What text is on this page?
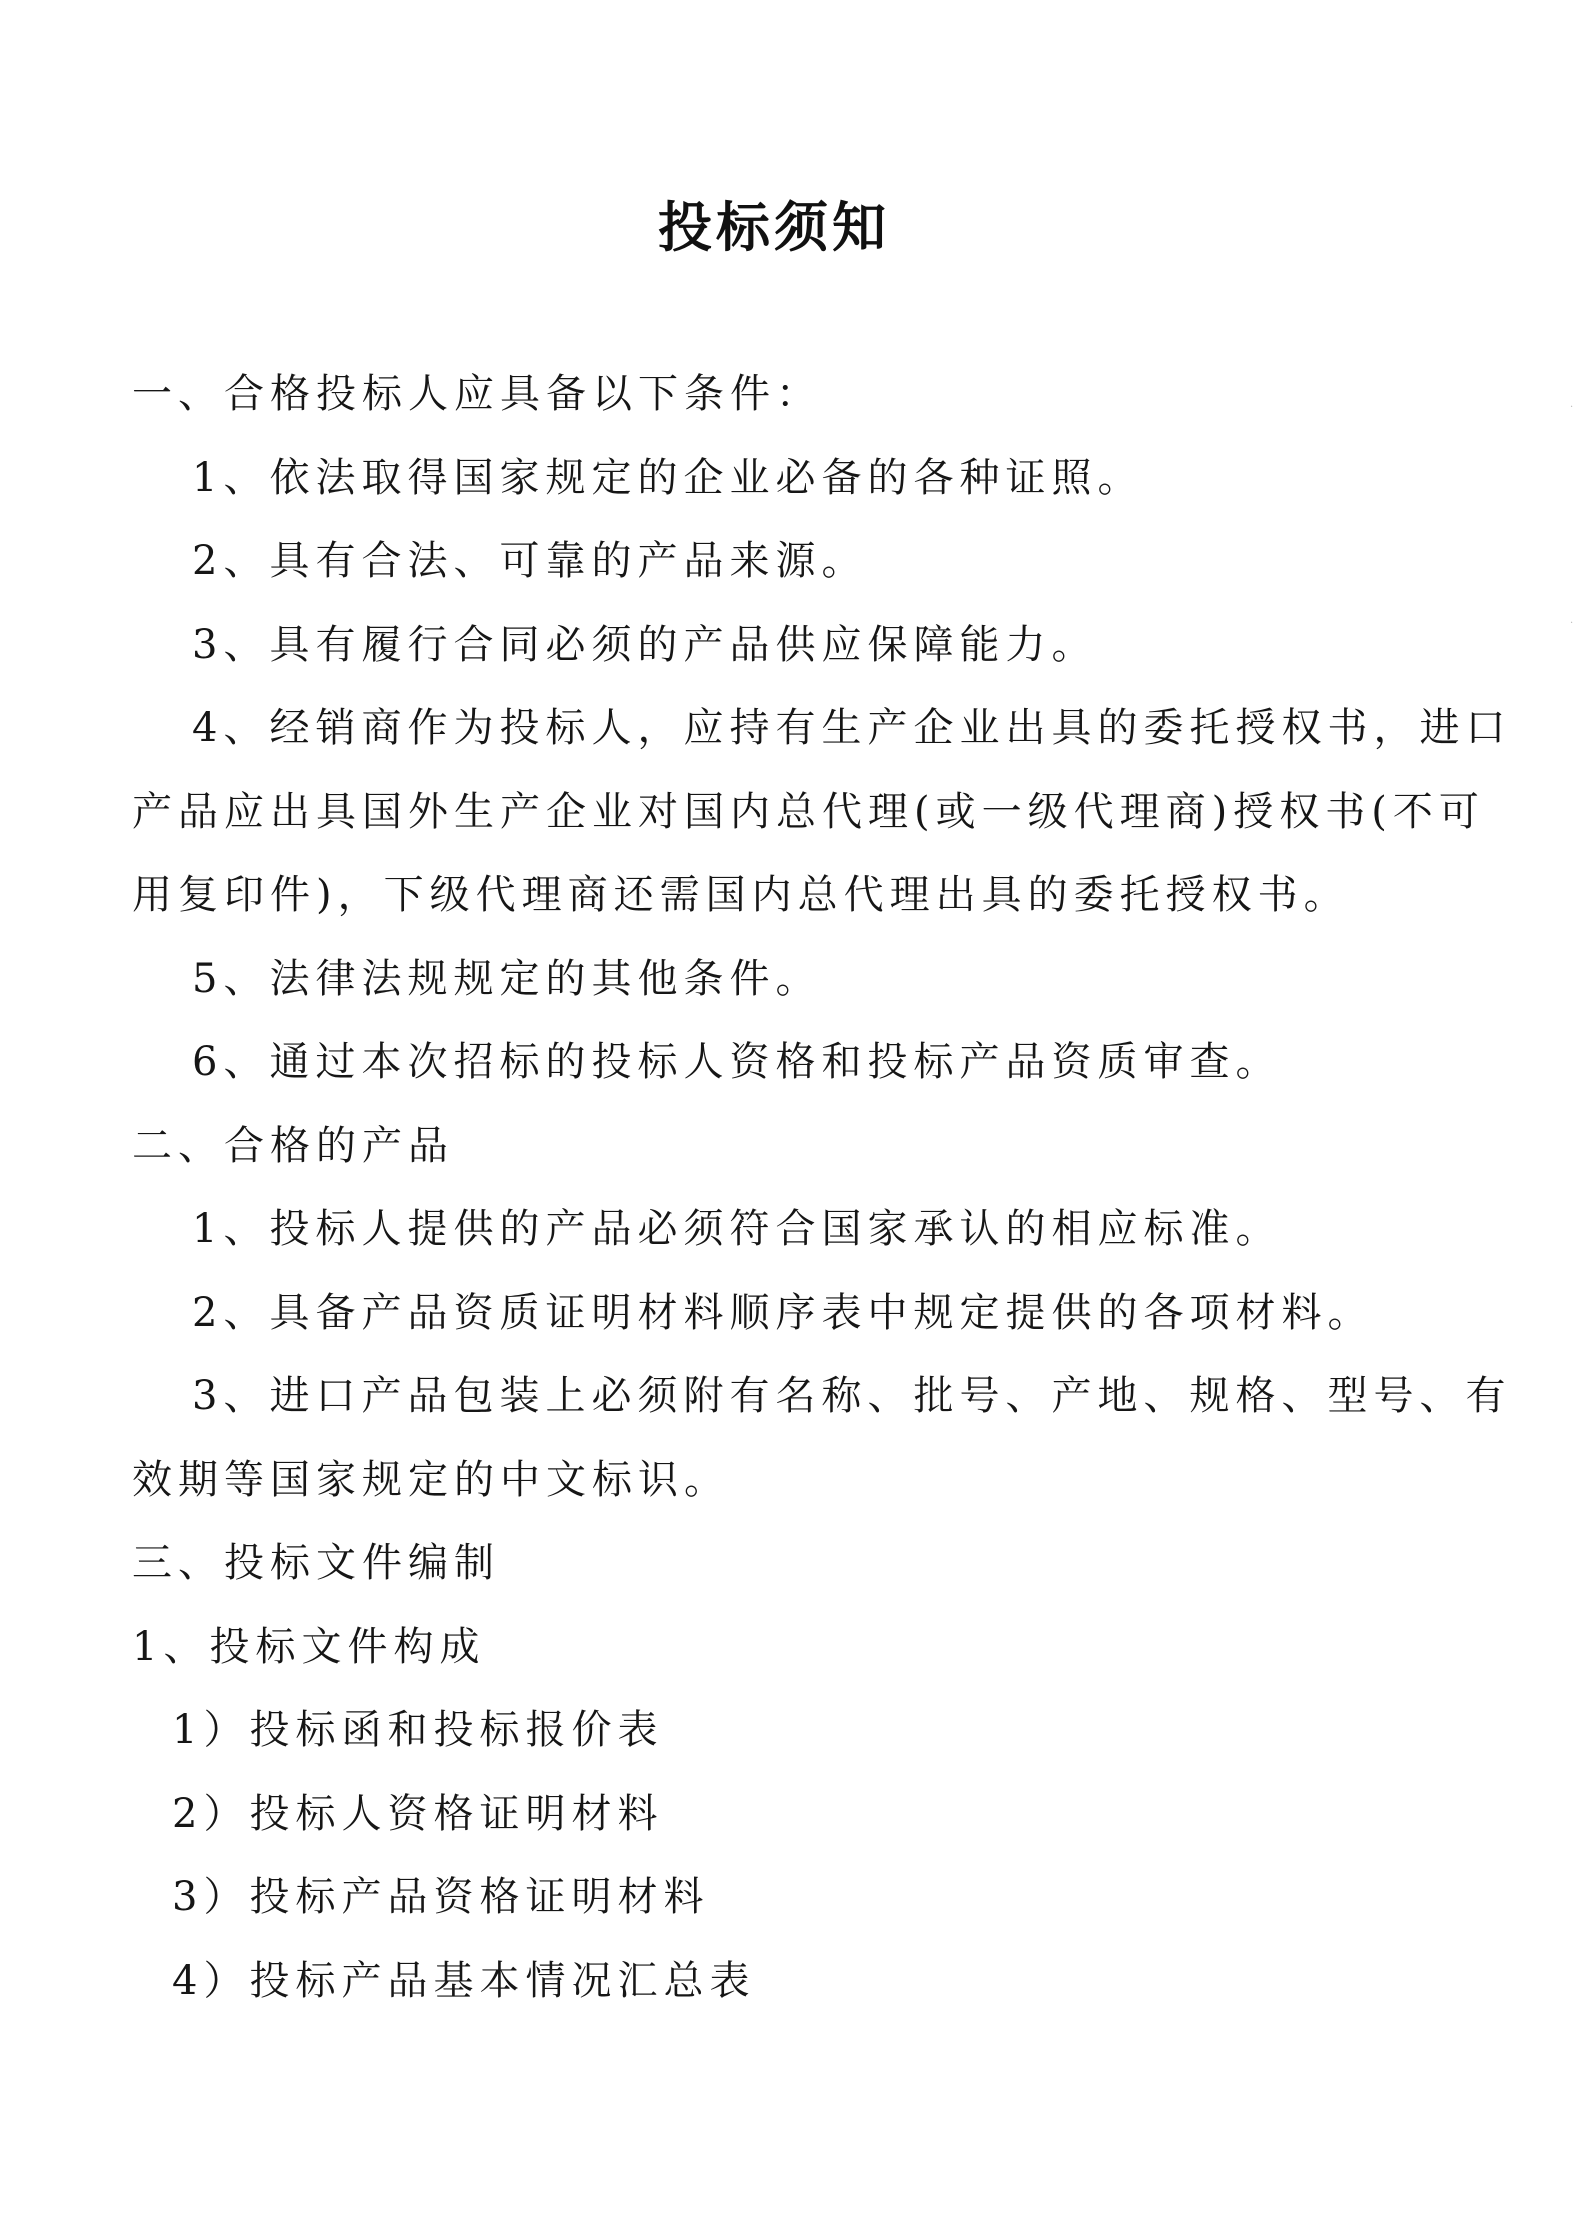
投标须知
一、合格投标人应具备以下条件：
1、依法取得国家规定的企业必备的各种证照。
2、具有合法、可靠的产品来源。
3、具有履行合同必须的产品供应保障能力。
4、经销商作为投标人，应持有生产企业出具的委托授权书，进口
产品应出具国外生产企业对国内总代理(或一级代理商)授权书(不可
用复印件)，下级代理商还需国内总代理出具的委托授权书。
5、法律法规规定的其他条件。
6、通过本次招标的投标人资格和投标产品资质审查。
二、合格的产品
1、投标人提供的产品必须符合国家承认的相应标准。
2、具备产品资质证明材料顺序表中规定提供的各项材料。
3、进口产品包装上必须附有名称、批号、产地、规格、型号、有
效期等国家规定的中文标识。
三、投标文件编制
1、投标文件构成
1）投标函和投标报价表
2）投标人资格证明材料
3）投标产品资格证明材料
4）投标产品基本情况汇总表
·
·
